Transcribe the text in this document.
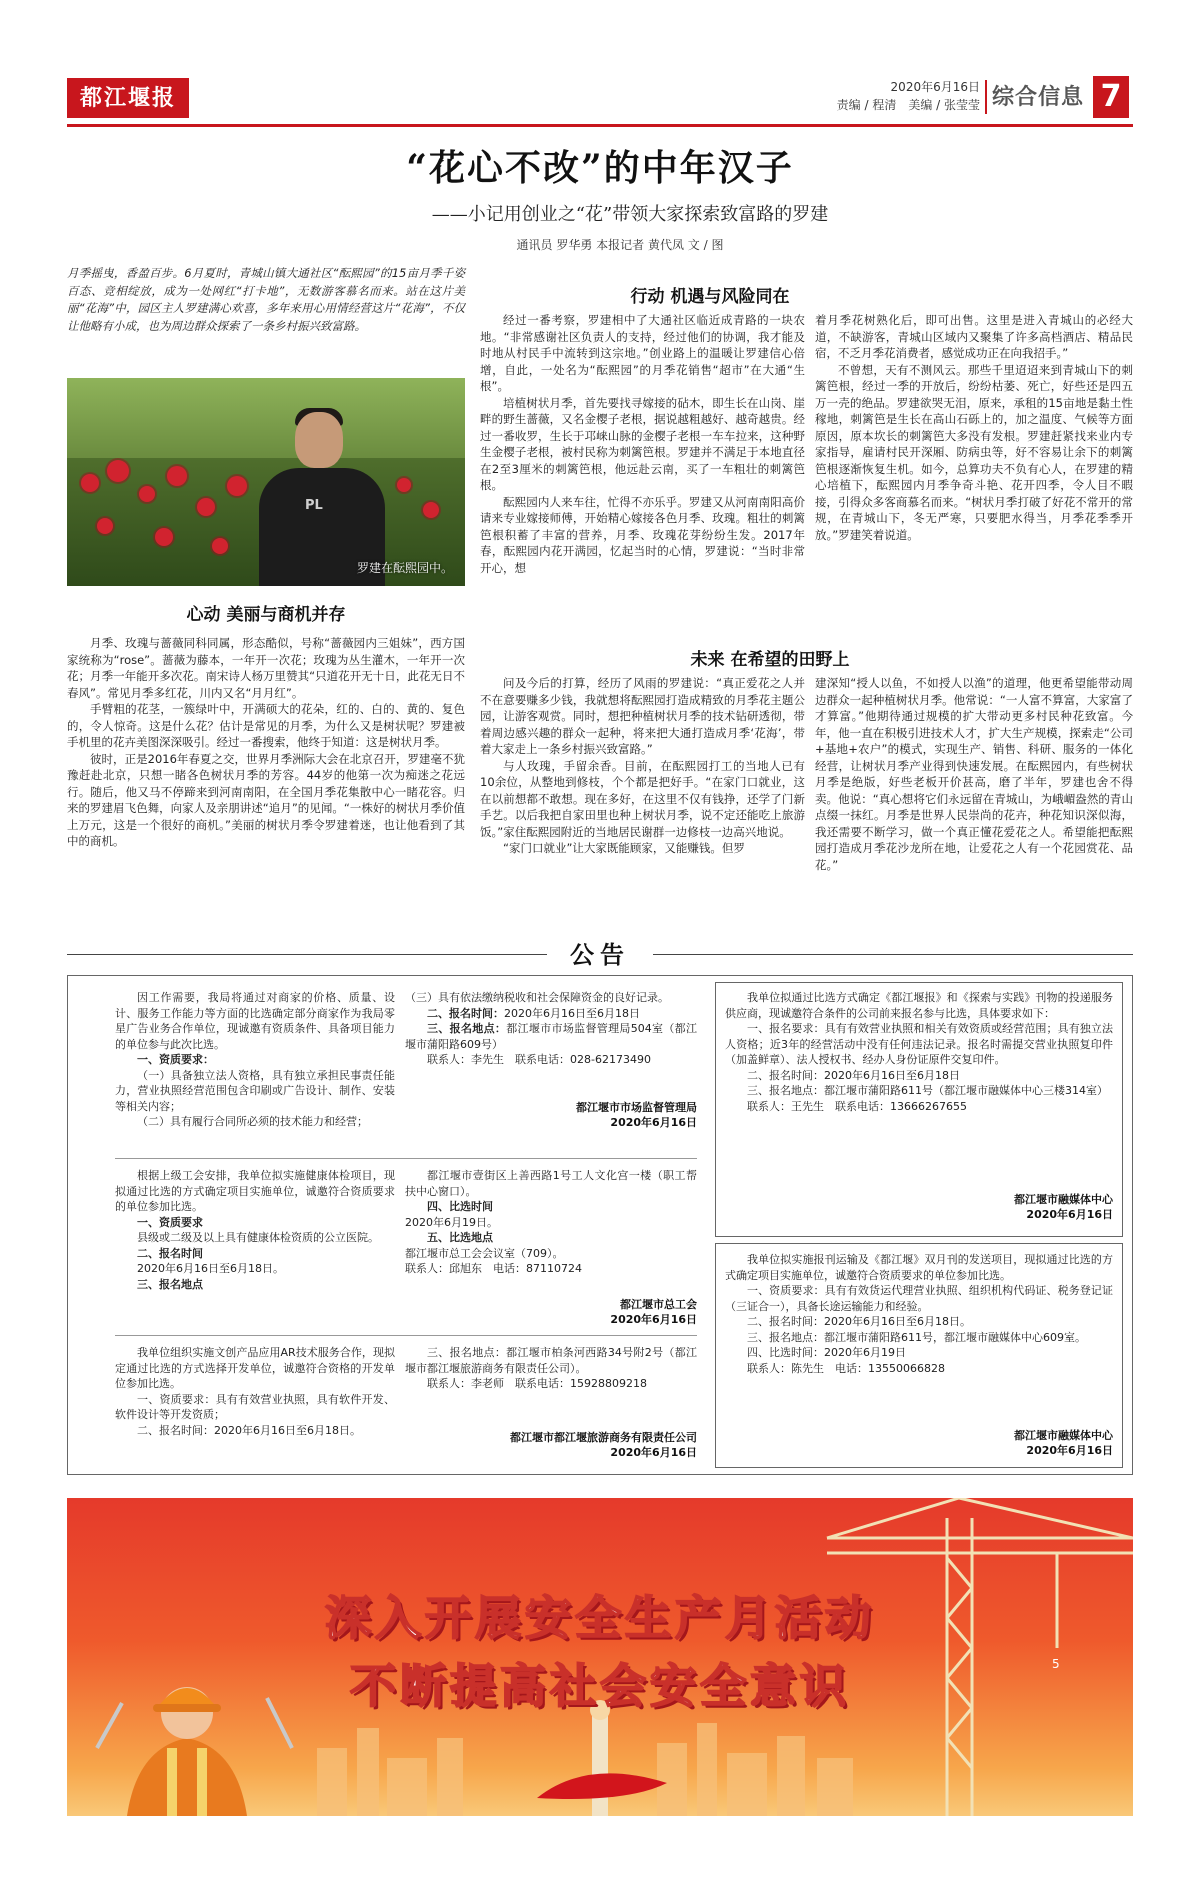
都江堰报	2020年6月16日
责编 / 程清　美编 / 张莹莹 综合信息 7
“花心不改”的中年汉子
——小记用创业之“花”带领大家探索致富路的罗建
通讯员 罗华勇 本报记者 黄代凤 文 / 图
月季摇曳，香盈百步。6月夏时，青城山镇大通社区“酝熙园”的15亩月季千姿百态、竞相绽放，成为一处网红“打卡地”，无数游客慕名而来。站在这片美丽“花海”中，园区主人罗建满心欢喜，多年来用心用情经营这片“花海”，不仅让他略有小成，也为周边群众探索了一条乡村振兴致富路。
PL
罗建在酝熙园中。
心动 美丽与商机并存

月季、玫瑰与蔷薇同科同属，形态酷似，号称“蔷薇园内三姐妹”，西方国家统称为“rose”。蔷薇为藤本，一年开一次花；玫瑰为丛生灌木，一年开一次花；月季一年能开多次花。南宋诗人杨万里赞其“只道花开无十日，此花无日不春风”。常见月季多红花，川内又名“月月红”。

手臂粗的花茎，一簇绿叶中，开满硕大的花朵，红的、白的、黄的、复色的，令人惊奇。这是什么花？估计是常见的月季，为什么又是树状呢？罗建被手机里的花卉美图深深吸引。经过一番搜索，他终于知道：这是树状月季。

彼时，正是2016年春夏之交，世界月季洲际大会在北京召开，罗建毫不犹豫赶赴北京，只想一睹各色树状月季的芳容。44岁的他第一次为痴迷之花远行。随后，他又马不停蹄来到河南南阳，在全国月季花集散中心一睹花容。归来的罗建眉飞色舞，向家人及亲朋讲述“追月”的见闻。“一株好的树状月季价值上万元，这是一个很好的商机。”美丽的树状月季令罗建着迷，也让他看到了其中的商机。

行动 机遇与风险同在

经过一番考察，罗建相中了大通社区临近成青路的一块农地。“非常感谢社区负责人的支持，经过他们的协调，我才能及时地从村民手中流转到这宗地。”创业路上的温暖让罗建信心倍增，自此，一处名为“酝熙园”的月季花销售“超市”在大通“生根”。

培植树状月季，首先要找寻嫁接的砧木，即生长在山岗、崖畔的野生蔷薇，又名金樱子老根，据说越粗越好、越奇越贵。经过一番收罗，生长于邛崃山脉的金樱子老根一车车拉来，这种野生金樱子老根，被村民称为刺篱笆根。罗建并不满足于本地直径在2至3厘米的刺篱笆根，他远赴云南，买了一车粗壮的刺篱笆根。

酝熙园内人来车往，忙得不亦乐乎。罗建又从河南南阳高价请来专业嫁接师傅，开始精心嫁接各色月季、玫瑰。粗壮的刺篱笆根积蓄了丰富的营养，月季、玫瑰花芽纷纷生发。2017年春，酝熙园内花开满园，忆起当时的心情，罗建说：“当时非常开心，想

着月季花树熟化后，即可出售。这里是进入青城山的必经大道，不缺游客，青城山区域内又聚集了许多高档酒店、精品民宿，不乏月季花消费者，感觉成功正在向我招手。”

不曾想，天有不测风云。那些千里迢迢来到青城山下的刺篱笆根，经过一季的开放后，纷纷枯萎、死亡，好些还是四五万一壳的绝品。罗建欲哭无泪，原来，承租的15亩地是黏土性稼地，刺篱笆是生长在高山石砾上的，加之温度、气候等方面原因，原本坎长的刺篱笆大多没有发根。罗建赶紧找来业内专家指导，雇请村民开深厢、防病虫等，好不容易让余下的刺篱笆根逐渐恢复生机。如今，总算功夫不负有心人，在罗建的精心培植下，酝熙园内月季争奇斗艳、花开四季，令人目不暇接，引得众多客商慕名而来。“树状月季打破了好花不常开的常规，在青城山下，冬无严寒，只要肥水得当，月季花季季开放。”罗建笑着说道。

未来 在希望的田野上

问及今后的打算，经历了风雨的罗建说：“真正爱花之人并不在意要赚多少钱，我就想将酝熙园打造成精致的月季花主题公园，让游客观赏。同时，想把种植树状月季的技术钻研透彻，带着周边感兴趣的群众一起种，将来把大通打造成月季‘花海’，带着大家走上一条乡村振兴致富路。”

与人玫瑰，手留余香。目前，在酝熙园打工的当地人已有10余位，从整地到修枝，个个都是把好手。“在家门口就业，这在以前想都不敢想。现在多好，在这里不仅有钱挣，还学了门新手艺。以后我把自家田里也种上树状月季，说不定还能吃上旅游饭。”家住酝熙园附近的当地居民谢群一边修枝一边高兴地说。

“家门口就业”让大家既能顾家，又能赚钱。但罗

建深知“授人以鱼，不如授人以渔”的道理，他更希望能带动周边群众一起种植树状月季。他常说：“一人富不算富，大家富了才算富。”他期待通过规模的扩大带动更多村民种花致富。今年，他一直在积极引进技术人才，扩大生产规模，探索走“公司+基地+农户”的模式，实现生产、销售、科研、服务的一体化经营，让树状月季产业得到快速发展。在酝熙园内，有些树状月季是绝版，好些老板开价甚高，磨了半年，罗建也舍不得卖。他说：“真心想将它们永远留在青城山，为峨嵋盎然的青山点缀一抹红。月季是世界人民崇尚的花卉，种花知识深似海，我还需要不断学习，做一个真正懂花爱花之人。希望能把酝熙园打造成月季花沙龙所在地，让爱花之人有一个花园赏花、品花。”

公告

因工作需要，我局将通过对商家的价格、质量、设计、服务工作能力等方面的比选确定部分商家作为我局零星广告业务合作单位，现诚邀有资质条件、具备项目能力的单位参与此次比选。

一、资质要求：

（一）具备独立法人资格，具有独立承担民事责任能力，营业执照经营范围包含印刷或广告设计、制作、安装等相关内容；

（二）具有履行合同所必须的技术能力和经营；

（三）具有依法缴纳税收和社会保障资金的良好记录。

二、报名时间：2020年6月16日至6月18日

三、报名地点：都江堰市市场监督管理局504室（都江堰市蒲阳路609号）

联系人：李先生　联系电话：028-62173490

都江堰市市场监督管理局
2020年6月16日

根据上级工会安排，我单位拟实施健康体检项目，现拟通过比选的方式确定项目实施单位，诚邀符合资质要求的单位参加比选。

一、资质要求

县级或二级及以上具有健康体检资质的公立医院。

二、报名时间

2020年6月16日至6月18日。

三、报名地点

都江堰市壹街区上善西路1号工人文化宫一楼（职工帮扶中心窗口）。

四、比选时间

2020年6月19日。

五、比选地点

都江堰市总工会会议室（709）。

联系人：邱旭东　电话：87110724

都江堰市总工会
2020年6月16日

我单位组织实施文创产品应用AR技术服务合作，现拟定通过比选的方式选择开发单位，诚邀符合资格的开发单位参加比选。

一、资质要求：具有有效营业执照，具有软件开发、软件设计等开发资质；

二、报名时间：2020年6月16日至6月18日。

三、报名地点：都江堰市柏条河西路34号附2号（都江堰市都江堰旅游商务有限责任公司）。

联系人：李老师　联系电话：15928809218

都江堰市都江堰旅游商务有限责任公司
2020年6月16日

我单位拟通过比选方式确定《都江堰报》和《探索与实践》刊物的投递服务供应商，现诚邀符合条件的公司前来报名参与比选，具体要求如下：

一、报名要求：具有有效营业执照和相关有效资质或经营范围；具有独立法人资格；近3年的经营活动中没有任何违法记录。报名时需提交营业执照复印件（加盖鲜章）、法人授权书、经办人身份证原件交复印件。

二、报名时间：2020年6月16日至6月18日

三、报名地点：都江堰市蒲阳路611号（都江堰市融媒体中心三楼314室）

联系人：王先生　联系电话：13666267655

都江堰市融媒体中心
2020年6月16日

我单位拟实施报刊运输及《都江堰》双月刊的发送项目，现拟通过比选的方式确定项目实施单位，诚邀符合资质要求的单位参加比选。

一、资质要求：具有有效货运代理营业执照、组织机构代码证、税务登记证（三证合一），具备长途运输能力和经验。

二、报名时间：2020年6月16日至6月18日。

三、报名地点：都江堰市蒲阳路611号，都江堰市融媒体中心609室。

四、比选时间：2020年6月19日

联系人：陈先生　电话：13550066828

都江堰市融媒体中心
2020年6月16日
5
深入开展安全生产月活动
不断提高社会安全意识
